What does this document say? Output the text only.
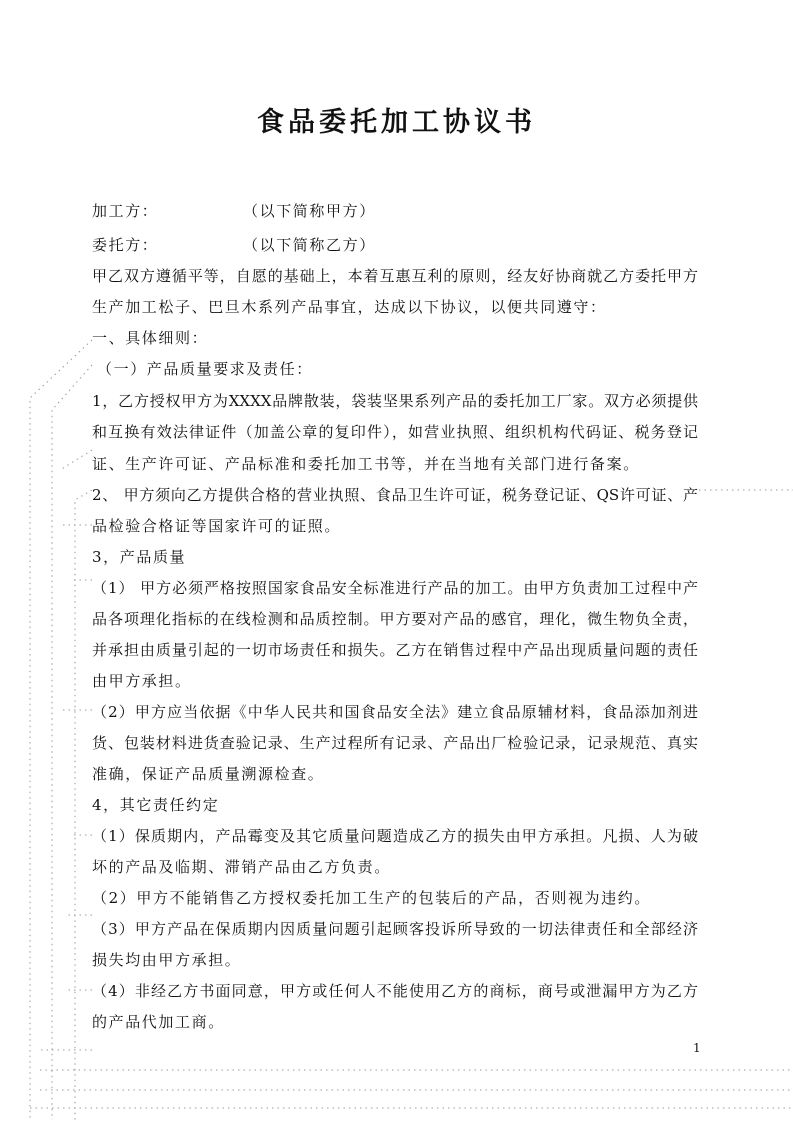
食品委托加工协议书
加工方：	（以下简称甲方）
委托方：	（以下简称乙方）
甲乙双方遵循平等，自愿的基础上，本着互惠互利的原则，经友好协商就乙方委托甲方
生产加工松子、巴旦木系列产品事宜，达成以下协议，以便共同遵守：
一、具体细则：
（一）产品质量要求及责任：
1，乙方授权甲方为XXXX品牌散装，袋装坚果系列产品的委托加工厂家。双方必须提供
和互换有效法律证件（加盖公章的复印件），如营业执照、组织机构代码证、税务登记
证、生产许可证、产品标准和委托加工书等，并在当地有关部门进行备案。
2、 甲方须向乙方提供合格的营业执照、食品卫生许可证，税务登记证、QS许可证、产
品检验合格证等国家许可的证照。
3，产品质量
（1） 甲方必须严格按照国家食品安全标准进行产品的加工。由甲方负责加工过程中产
品各项理化指标的在线检测和品质控制。甲方要对产品的感官，理化，微生物负全责，
并承担由质量引起的一切市场责任和损失。乙方在销售过程中产品出现质量问题的责任
由甲方承担。
（2）甲方应当依据《中华人民共和国食品安全法》建立食品原辅材料，食品添加剂进
货、包装材料进货查验记录、生产过程所有记录、产品出厂检验记录，记录规范、真实
准确，保证产品质量溯源检查。
4，其它责任约定
（1）保质期内，产品霉变及其它质量问题造成乙方的损失由甲方承担。凡损、人为破
坏的产品及临期、滞销产品由乙方负责。
（2）甲方不能销售乙方授权委托加工生产的包装后的产品，否则视为违约。
（3）甲方产品在保质期内因质量问题引起顾客投诉所导致的一切法律责任和全部经济
损失均由甲方承担。
（4）非经乙方书面同意，甲方或任何人不能使用乙方的商标，商号或泄漏甲方为乙方
的产品代加工商。
1
